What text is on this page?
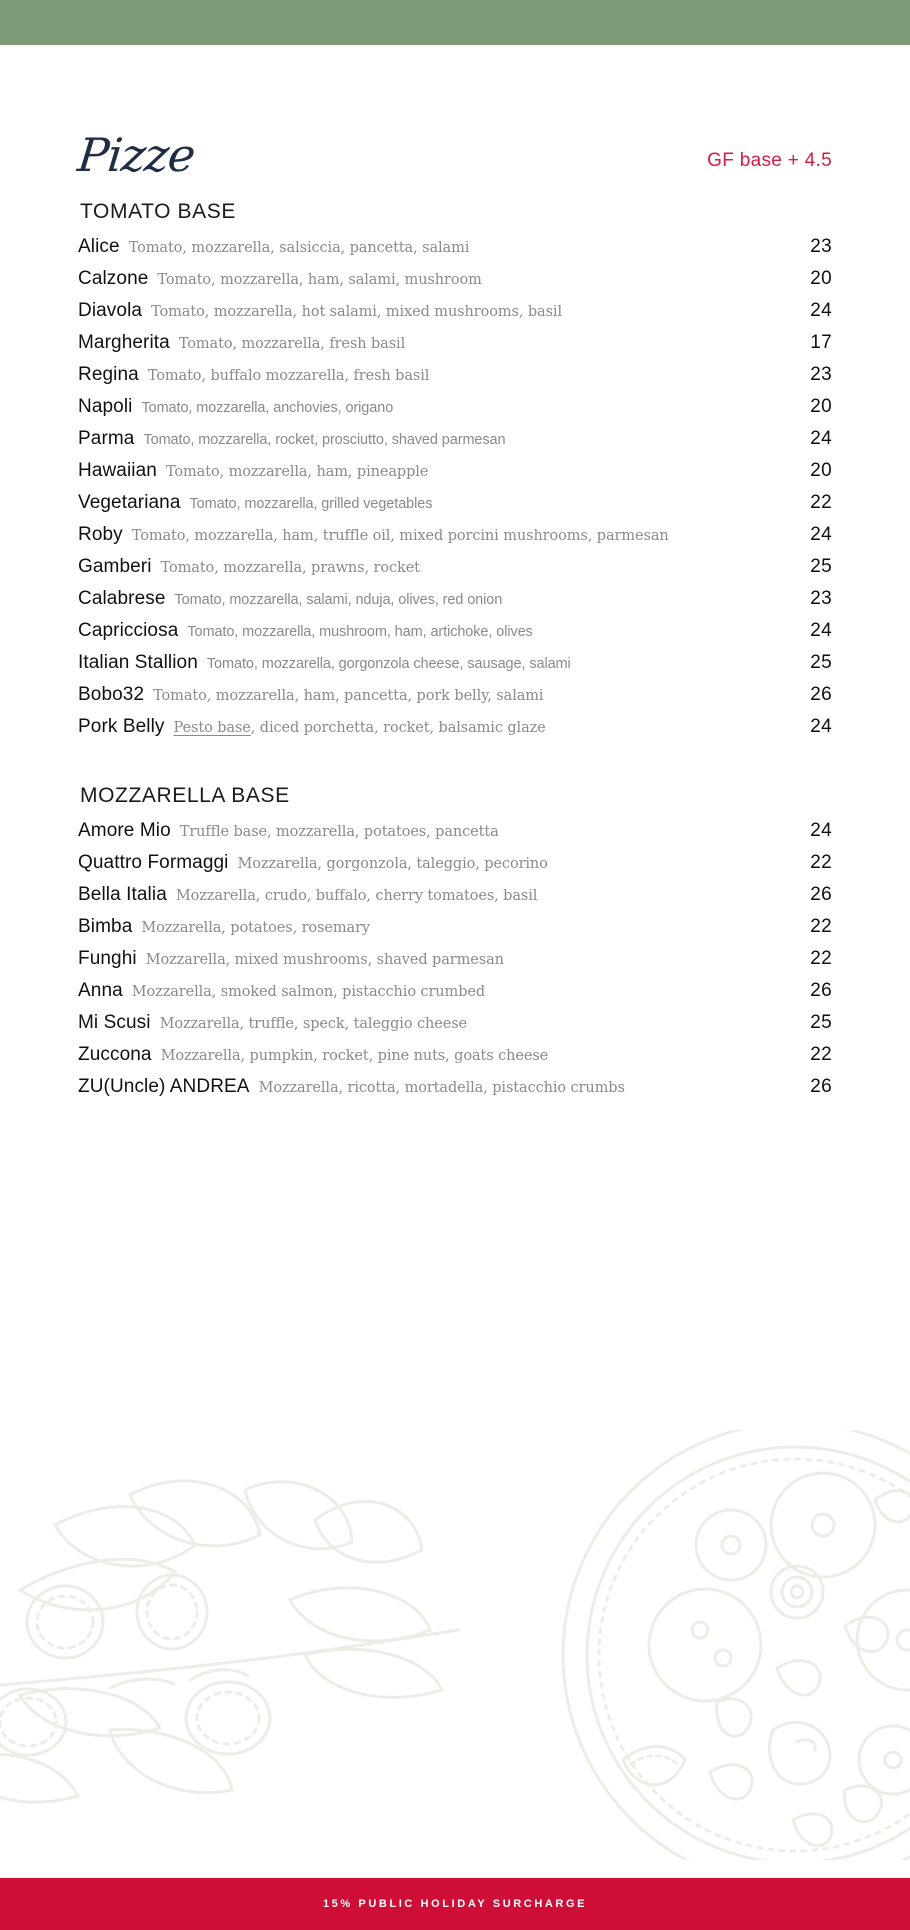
Pizze	GF base + 4.5
TOMATO BASE
Alice Tomato, mozzarella, salsiccia, pancetta, salami	23
Calzone Tomato, mozzarella, ham, salami, mushroom	20
Diavola Tomato, mozzarella, hot salami, mixed mushrooms, basil	24
Margherita Tomato, mozzarella, fresh basil	17
Regina Tomato, buffalo mozzarella, fresh basil	23
Napoli Tomato, mozzarella, anchovies, origano	20
Parma Tomato, mozzarella, rocket, prosciutto, shaved parmesan	24
Hawaiian Tomato, mozzarella, ham, pineapple	20
Vegetariana Tomato, mozzarella, grilled vegetables	22
Roby Tomato, mozzarella, ham, truffle oil, mixed porcini mushrooms, parmesan	24
Gamberi Tomato, mozzarella, prawns, rocket	25
Calabrese Tomato, mozzarella, salami, nduja, olives, red onion	23
Capricciosa Tomato, mozzarella, mushroom, ham, artichoke, olives	24
Italian Stallion Tomato, mozzarella, gorgonzola cheese, sausage, salami	25
Bobo32 Tomato, mozzarella, ham, pancetta, pork belly, salami	26
Pork Belly Pesto base, diced porchetta, rocket, balsamic glaze	24
MOZZARELLA BASE
Amore Mio Truffle base, mozzarella, potatoes, pancetta	24
Quattro Formaggi Mozzarella, gorgonzola, taleggio, pecorino	22
Bella Italia Mozzarella, crudo, buffalo, cherry tomatoes, basil	26
Bimba Mozzarella, potatoes, rosemary	22
Funghi Mozzarella, mixed mushrooms, shaved parmesan	22
Anna Mozzarella, smoked salmon, pistacchio crumbed	26
Mi Scusi Mozzarella, truffle, speck, taleggio cheese	25
Zuccona Mozzarella, pumpkin, rocket, pine nuts, goats cheese	22
ZU(Uncle) ANDREA Mozzarella, ricotta, mortadella, pistacchio crumbs	26
15% PUBLIC HOLIDAY SURCHARGE
